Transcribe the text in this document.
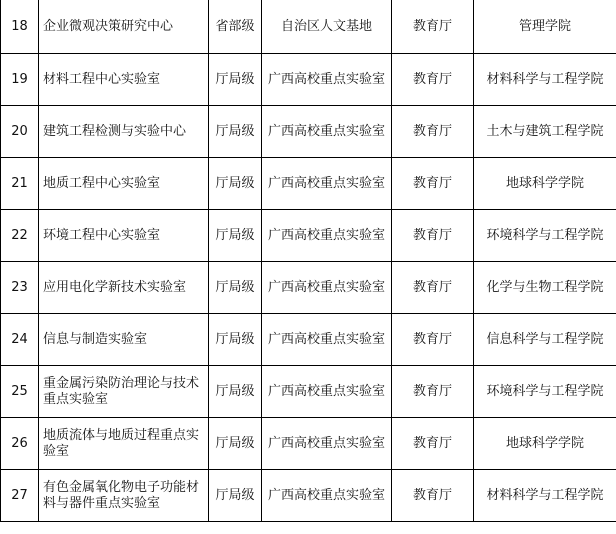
18	企业微观决策研究中心	省部级	自治区人文基地	教育厅	管理学院
19	材料工程中心实验室	厅局级	广西高校重点实验室	教育厅	材料科学与工程学院
20	建筑工程检测与实验中心	厅局级	广西高校重点实验室	教育厅	土木与建筑工程学院
21	地质工程中心实验室	厅局级	广西高校重点实验室	教育厅	地球科学学院
22	环境工程中心实验室	厅局级	广西高校重点实验室	教育厅	环境科学与工程学院
23	应用电化学新技术实验室	厅局级	广西高校重点实验室	教育厅	化学与生物工程学院
24	信息与制造实验室	厅局级	广西高校重点实验室	教育厅	信息科学与工程学院
25	重金属污染防治理论与技术重点实验室	厅局级	广西高校重点实验室	教育厅	环境科学与工程学院
26	地质流体与地质过程重点实验室	厅局级	广西高校重点实验室	教育厅	地球科学学院
27	有色金属氧化物电子功能材料与器件重点实验室	厅局级	广西高校重点实验室	教育厅	材料科学与工程学院
